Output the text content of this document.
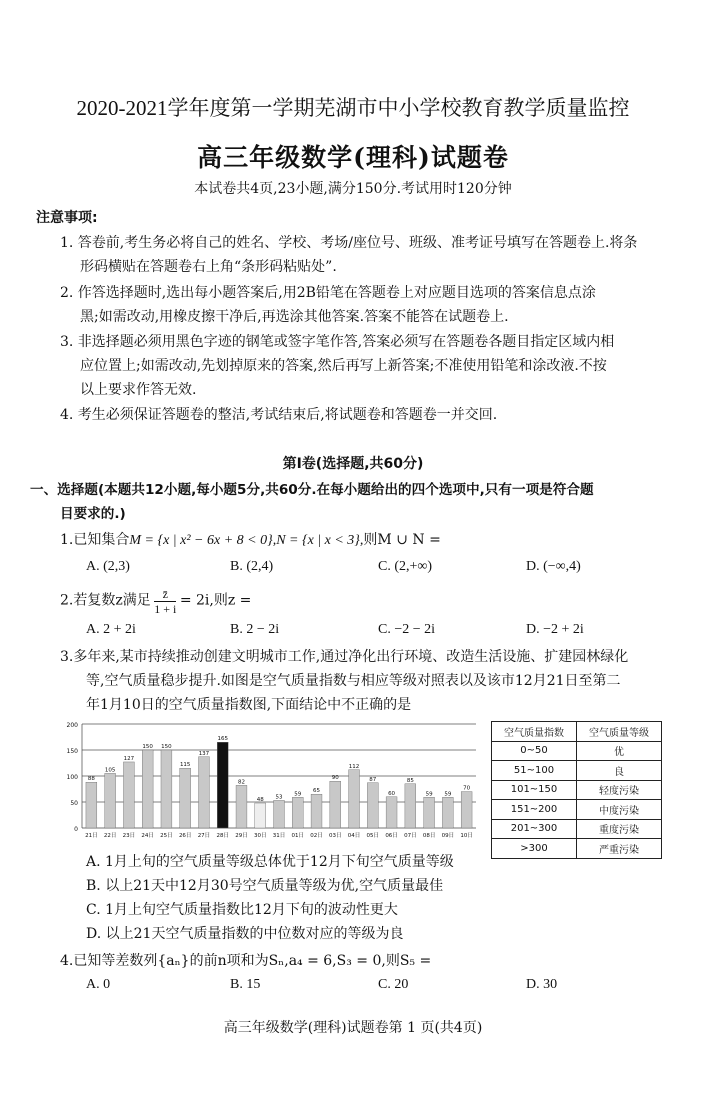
2020-2021学年度第一学期芜湖市中小学校教育教学质量监控
高三年级数学(理科)试题卷
本试卷共4页,23小题,满分150分.考试用时120分钟
注意事项:
1. 答卷前,考生务必将自己的姓名、学校、考场/座位号、班级、准考证号填写在答题卷上.将条
形码横贴在答题卷右上角“条形码粘贴处”.
2. 作答选择题时,选出每小题答案后,用2B铅笔在答题卷上对应题目选项的答案信息点涂
黑;如需改动,用橡皮擦干净后,再选涂其他答案.答案不能答在试题卷上.
3. 非选择题必须用黑色字迹的钢笔或签字笔作答,答案必须写在答题卷各题目指定区域内相
应位置上;如需改动,先划掉原来的答案,然后再写上新答案;不准使用铅笔和涂改液.不按
以上要求作答无效.
4. 考生必须保证答题卷的整洁,考试结束后,将试题卷和答题卷一并交回.
第Ⅰ卷(选择题,共60分)
一、选择题(本题共12小题,每小题5分,共60分.在每小题给出的四个选项中,只有一项是符合题
目要求的.)
1.已知集合M = {x | x² − 6x + 8 < 0},N = {x | x < 3},则M ∪ N =
A. (2,3)	B. (2,4)	C. (2,+∞)	D. (−∞,4)
2.若复数z满足 $\frac{z̄}{1 + i} = 2i$,则z =
A. 2 + 2i	B. 2 − 2i	C. −2 − 2i	D. −2 + 2i
3.多年来,某市持续推动创建文明城市工作,通过净化出行环境、改造生活设施、扩建园林绿化
等,空气质量稳步提升.如图是空气质量指数与相应等级对照表以及该市12月21日至第二
年1月10日的空气质量指数图,下面结论中不正确的是
0
50
100
150
200
88
21日
105
22日
127
23日
150
24日
150
25日
115
26日
137
27日
165
28日
82
29日
48
30日
53
31日
59
01日
65
02日
90
03日
112
04日
87
05日
60
06日
85
07日
59
08日
59
09日
70
10日
空气质量指数	空气质量等级
0~50	优
51~100	良
101~150	轻度污染
151~200	中度污染
201~300	重度污染
>300	严重污染
A. 1月上旬的空气质量等级总体优于12月下旬空气质量等级
B. 以上21天中12月30号空气质量等级为优,空气质量最佳
C. 1月上旬空气质量指数比12月下旬的波动性更大
D. 以上21天空气质量指数的中位数对应的等级为良
4.已知等差数列{aₙ}的前n项和为Sₙ,a₄ = 6,S₃ = 0,则S₅ =
A. 0	B. 15	C. 20	D. 30
高三年级数学(理科)试题卷第 1 页(共4页)
